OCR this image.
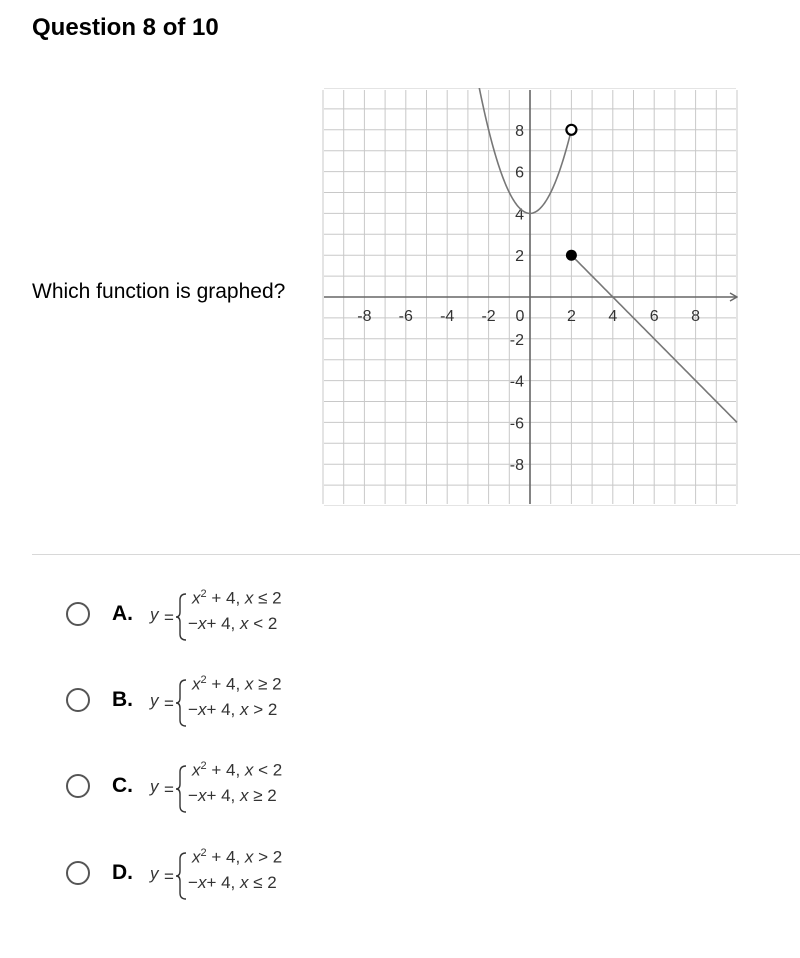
Question 8 of 10
Which function is graphed?
-8 -6 -4 -2 0	2 4 6 8
8
6
4
2
-2
-4
-6
-8
A. y =
$x^2 + 4$, x ≤ 2
−x+ 4, x < 2
B. y =
$x^2 + 4$, x ≥ 2
−x+ 4, x > 2
C. y =
$x^2 + 4$, x < 2
−x+ 4, x ≥ 2
D. y =
$x^2 + 4$, x > 2
−x+ 4, x ≤ 2
